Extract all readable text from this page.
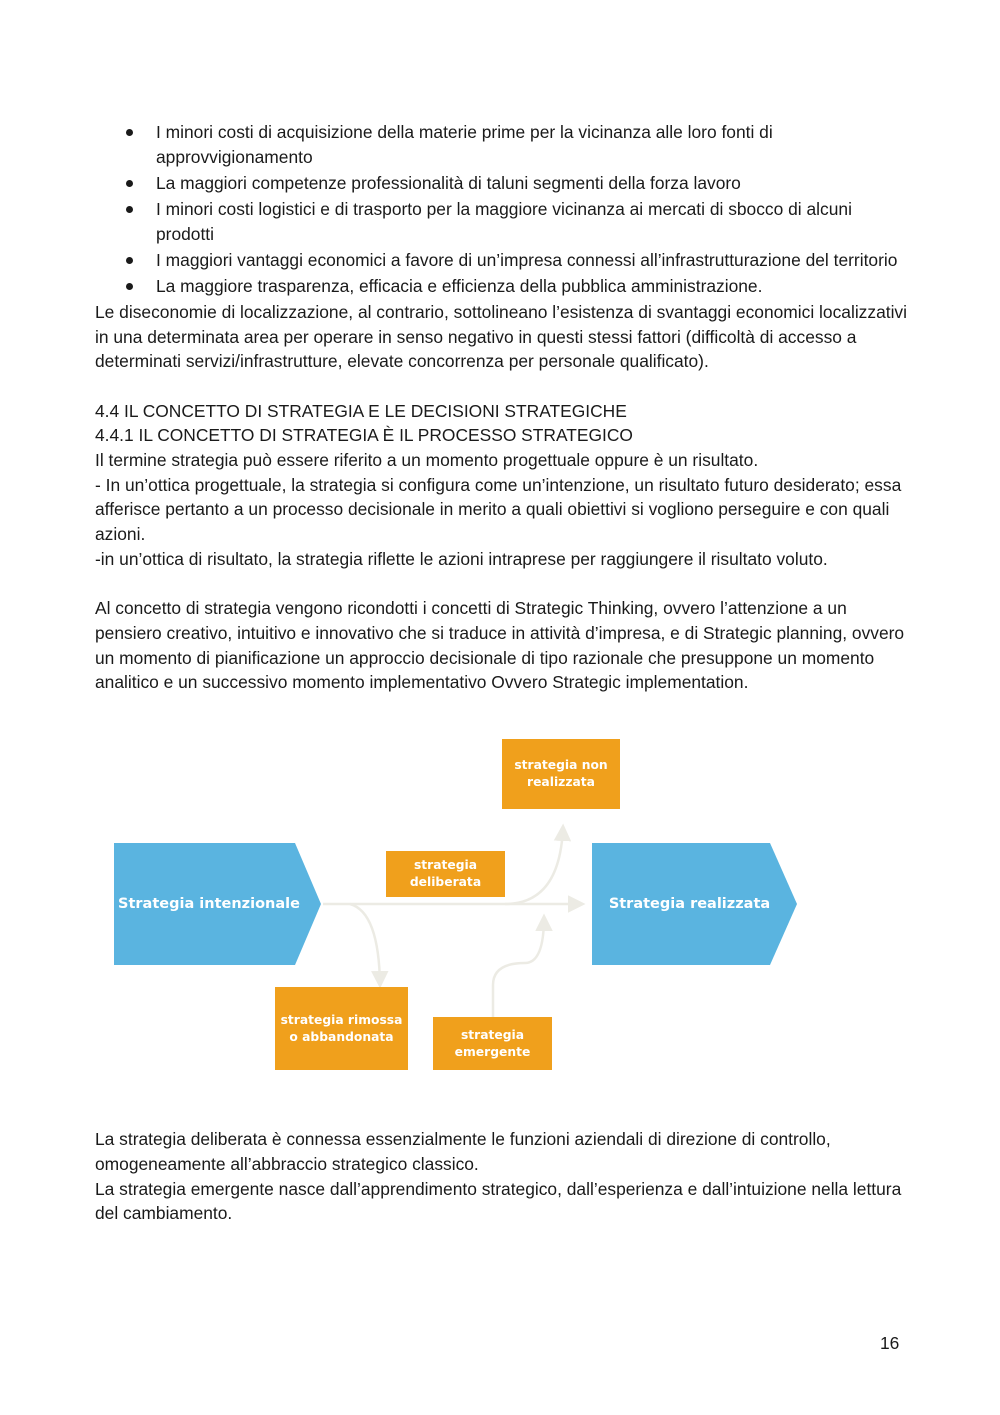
I minori costi di acquisizione della materie prime per la vicinanza alle loro fonti di approvvigionamento
La maggiori competenze professionalità di taluni segmenti della forza lavoro
I minori costi logistici e di trasporto per la maggiore vicinanza ai mercati di sbocco di alcuni prodotti
I maggiori vantaggi economici a favore di un’impresa connessi all’infrastrutturazione del territorio
La maggiore trasparenza, efficacia e efficienza della pubblica amministrazione.

Le diseconomie di localizzazione, al contrario, sottolineano l’esistenza di svantaggi economici localizzativi in una determinata area per operare in senso negativo in questi stessi fattori (difficoltà di accesso a determinati servizi/infrastrutture, elevate concorrenza per personale qualificato).

4.4 IL CONCETTO DI STRATEGIA E LE DECISIONI STRATEGICHE

4.4.1 IL CONCETTO DI STRATEGIA È IL PROCESSO STRATEGICO

Il termine strategia può essere riferito a un momento progettuale oppure è un risultato.

- In un’ottica progettuale, la strategia si configura come un’intenzione, un risultato futuro desiderato; essa afferisce pertanto a un processo decisionale in merito a quali obiettivi si vogliono perseguire e con quali azioni.

-in un’ottica di risultato, la strategia riflette le azioni intraprese per raggiungere il risultato voluto.

Al concetto di strategia vengono ricondotti i concetti di Strategic Thinking, ovvero l’attenzione a un pensiero creativo, intuitivo e innovativo che si traduce in attività d’impresa, e di Strategic planning, ovvero un momento di pianificazione un approccio decisionale di tipo razionale che presuppone un momento analitico e un successivo momento implementativo Ovvero Strategic implementation.

Strategia intenzionale	Strategia realizzata
strategia non
realizzata
strategia
deliberata
strategia rimossa
o abbandonata	strategia
emergente

La strategia deliberata è connessa essenzialmente le funzioni aziendali di direzione di controllo, omogeneamente all’abbraccio strategico classico.

La strategia emergente nasce dall’apprendimento strategico, dall’esperienza e dall’intuizione nella lettura del cambiamento.

16
